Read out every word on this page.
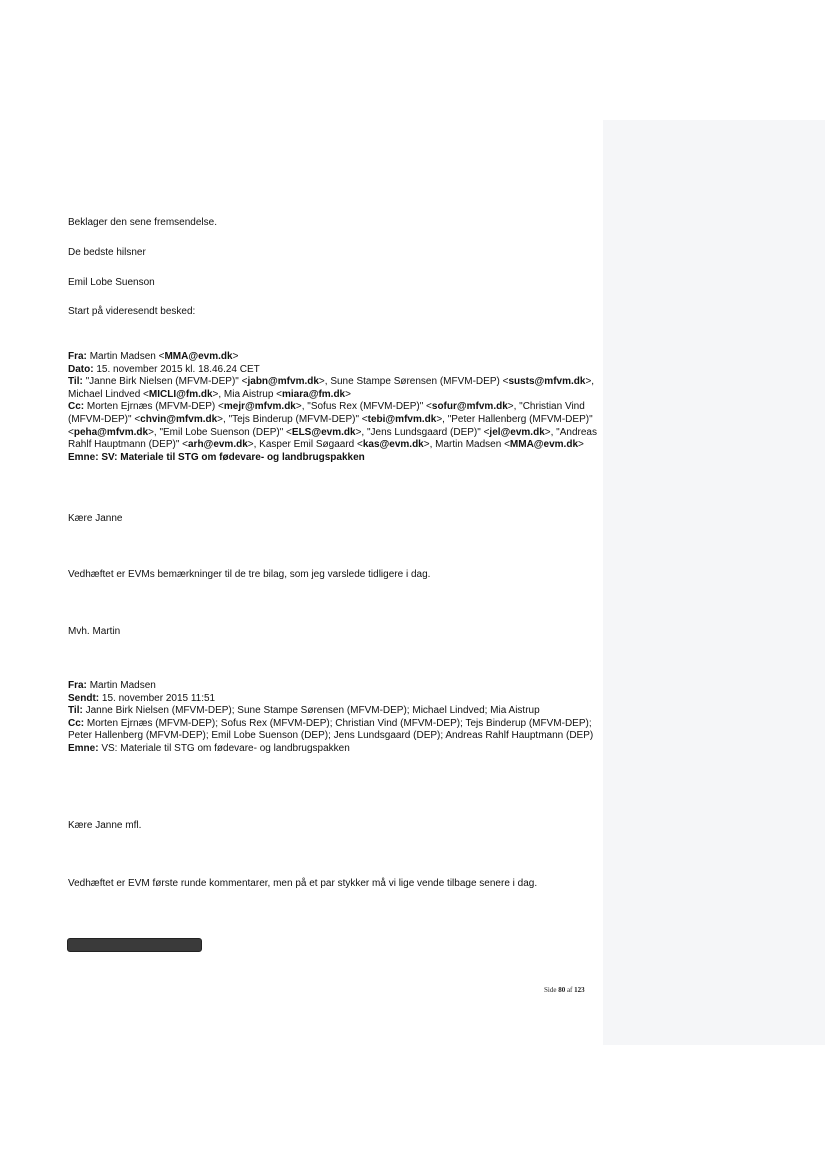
Beklager den sene fremsendelse.
De bedste hilsner
Emil Lobe Suenson
Start på videresendt besked:

Fra: Martin Madsen <MMA@evm.dk>

Dato: 15. november 2015 kl. 18.46.24 CET

Til: "Janne Birk Nielsen (MFVM-DEP)" <jabn@mfvm.dk>, Sune Stampe Sørensen (MFVM-DEP) <susts@mfvm.dk>, Michael Lindved <MICLI@fm.dk>, Mia Aistrup <miara@fm.dk>

Cc: Morten Ejrnæs (MFVM-DEP) <mejr@mfvm.dk>, "Sofus Rex (MFVM-DEP)" <sofur@mfvm.dk>, "Christian Vind (MFVM-DEP)" <chvin@mfvm.dk>, "Tejs Binderup (MFVM-DEP)" <tebi@mfvm.dk>, "Peter Hallenberg (MFVM-DEP)" <peha@mfvm.dk>, "Emil Lobe Suenson (DEP)" <ELS@evm.dk>, "Jens Lundsgaard (DEP)" <jel@evm.dk>, "Andreas Rahlf Hauptmann (DEP)" <arh@evm.dk>, Kasper Emil Søgaard <kas@evm.dk>, Martin Madsen <MMA@evm.dk>

Emne: SV: Materiale til STG om fødevare- og landbrugspakken

Kære Janne
Vedhæftet er EVMs bemærkninger til de tre bilag, som jeg varslede tidligere i dag.
Mvh. Martin

Fra: Martin Madsen

Sendt: 15. november 2015 11:51

Til: Janne Birk Nielsen (MFVM-DEP); Sune Stampe Sørensen (MFVM-DEP); Michael Lindved; Mia Aistrup

Cc: Morten Ejrnæs (MFVM-DEP); Sofus Rex (MFVM-DEP); Christian Vind (MFVM-DEP); Tejs Binderup (MFVM-DEP); Peter Hallenberg (MFVM-DEP); Emil Lobe Suenson (DEP); Jens Lundsgaard (DEP); Andreas Rahlf Hauptmann (DEP)

Emne: VS: Materiale til STG om fødevare- og landbrugspakken

Kære Janne mfl.
Vedhæftet er EVM første runde kommentarer, men på et par stykker må vi lige vende tilbage senere i dag.
Side 80 af 123
